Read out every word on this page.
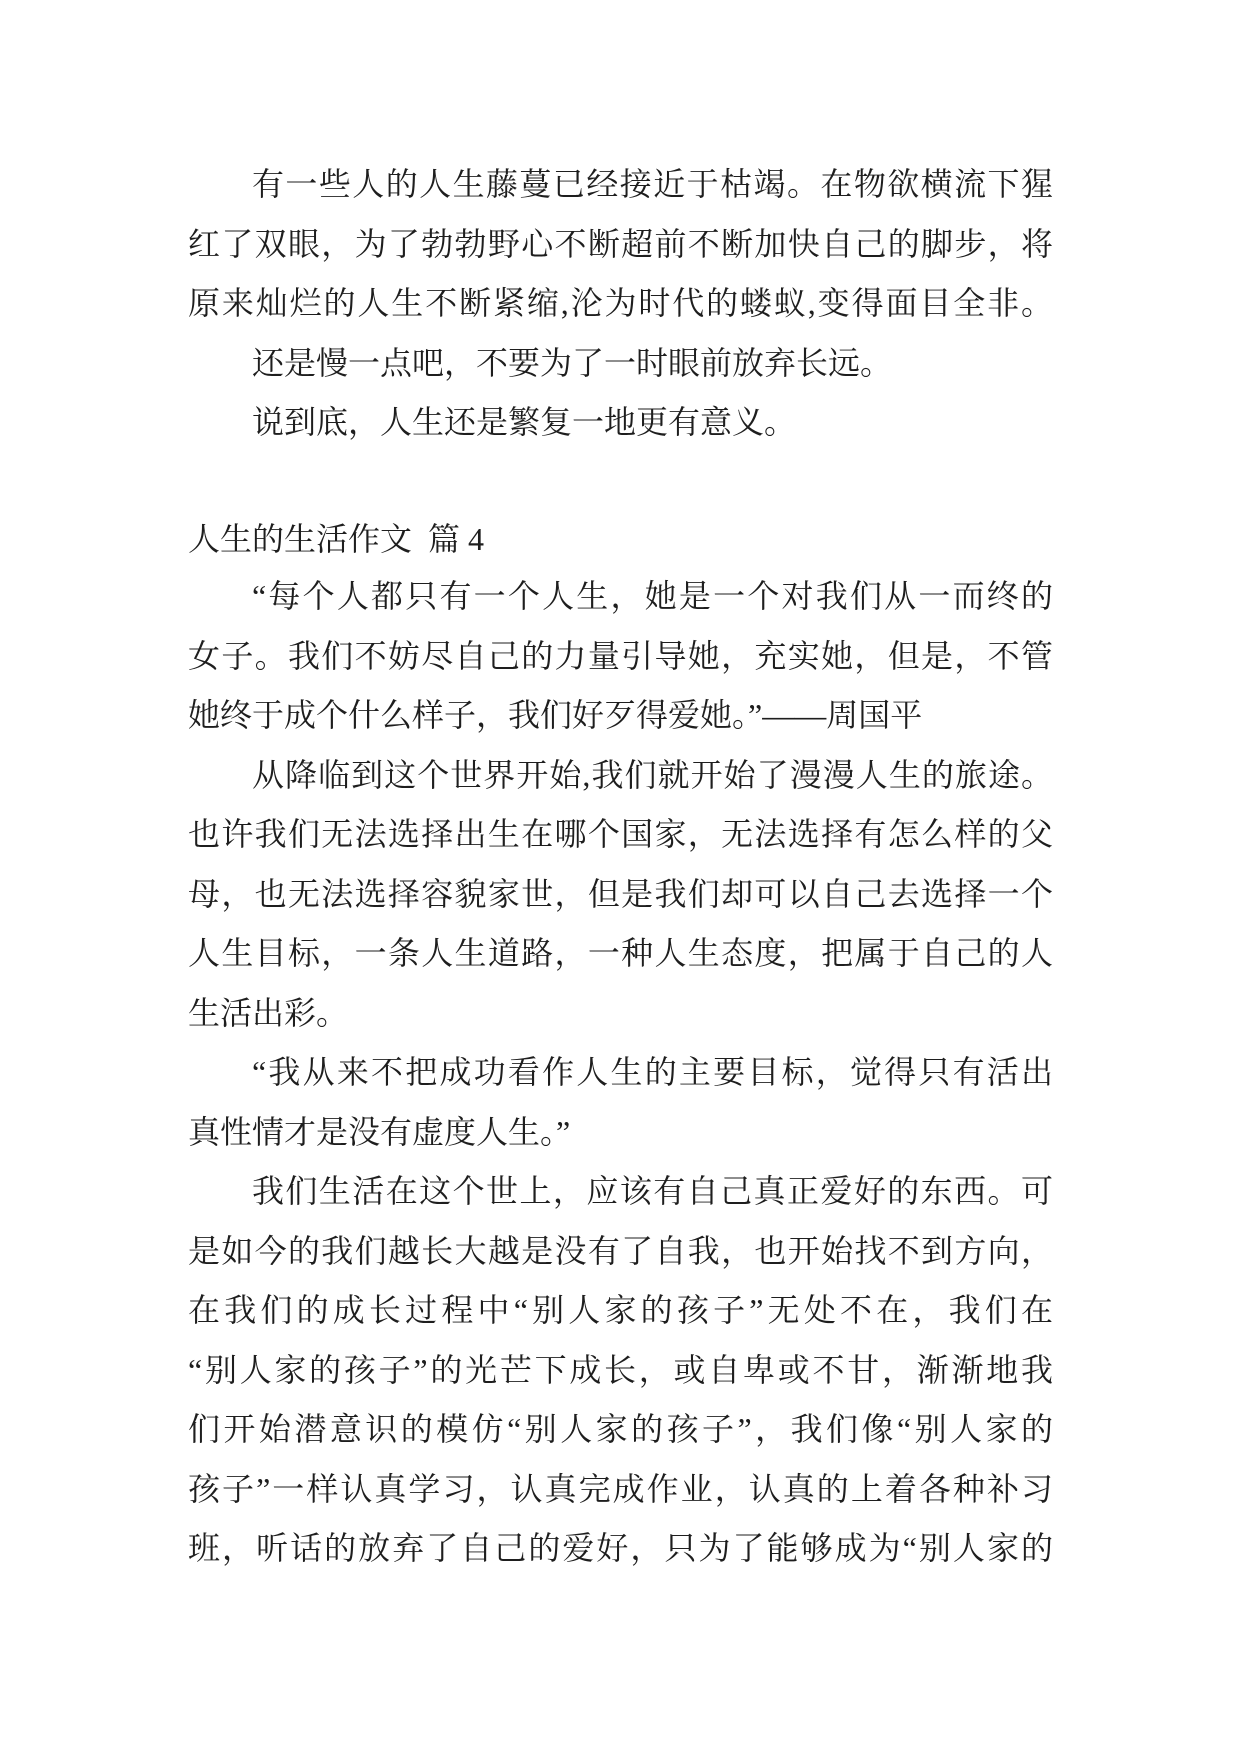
有一些人的人生藤蔓已经接近于枯竭。在物欲横流下猩
红了双眼，为了勃勃野心不断超前不断加快自己的脚步，将
原来灿烂的人生不断紧缩,沦为时代的蝼蚁,变得面目全非。
还是慢一点吧，不要为了一时眼前放弃长远。
说到底，人生还是繁复一地更有意义。
人生的生活作文  篇 4
“每个人都只有一个人生，她是一个对我们从一而终的
女子。我们不妨尽自己的力量引导她，充实她，但是，不管
她终于成个什么样子，我们好歹得爱她。”——周国平
从降临到这个世界开始,我们就开始了漫漫人生的旅途。
也许我们无法选择出生在哪个国家，无法选择有怎么样的父
母，也无法选择容貌家世，但是我们却可以自己去选择一个
人生目标，一条人生道路，一种人生态度，把属于自己的人
生活出彩。
“我从来不把成功看作人生的主要目标，觉得只有活出
真性情才是没有虚度人生。”
我们生活在这个世上，应该有自己真正爱好的东西。可
是如今的我们越长大越是没有了自我，也开始找不到方向，
在我们的成长过程中“别人家的孩子”无处不在，我们在
“别人家的孩子”的光芒下成长，或自卑或不甘，渐渐地我
们开始潜意识的模仿“别人家的孩子”，我们像“别人家的
孩子”一样认真学习，认真完成作业，认真的上着各种补习
班，听话的放弃了自己的爱好，只为了能够成为“别人家的
